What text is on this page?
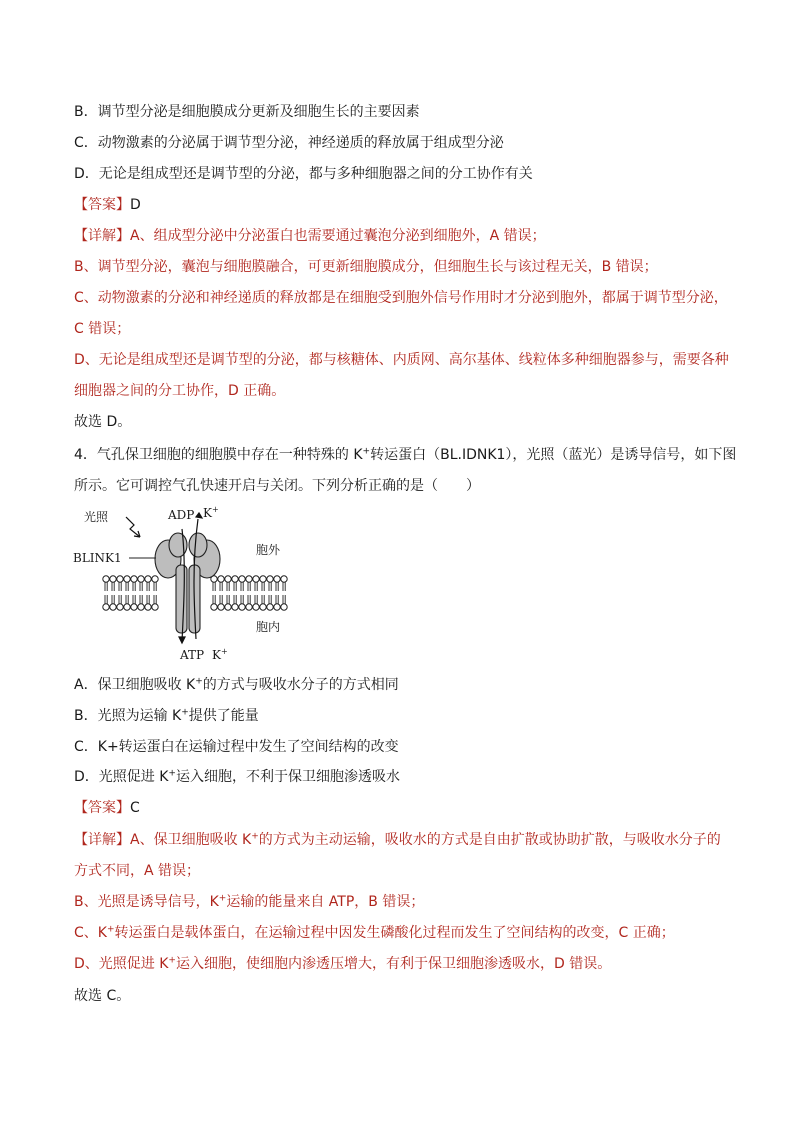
B．调节型分泌是细胞膜成分更新及细胞生长的主要因素
C．动物激素的分泌属于调节型分泌，神经递质的释放属于组成型分泌
D．无论是组成型还是调节型的分泌，都与多种细胞器之间的分工协作有关
【答案】D
【详解】A、组成型分泌中分泌蛋白也需要通过囊泡分泌到细胞外，A 错误；
B、调节型分泌，囊泡与细胞膜融合，可更新细胞膜成分，但细胞生长与该过程无关，B 错误；
C、动物激素的分泌和神经递质的释放都是在细胞受到胞外信号作用时才分泌到胞外，都属于调节型分泌，
C 错误；
D、无论是组成型还是调节型的分泌，都与核糖体、内质网、高尔基体、线粒体多种细胞器参与，需要各种
细胞器之间的分工协作，D 正确。
故选 D。
4．气孔保卫细胞的细胞膜中存在一种特殊的 K+转运蛋白（BL.IDNK1），光照（蓝光）是诱导信号，如下图
所示。它可调控气孔快速开启与关闭。下列分析正确的是（　　）
光照	ADP K+
BLINK1
胞外
胞内
ATP K+
A．保卫细胞吸收 K+的方式与吸收水分子的方式相同
B．光照为运输 K+提供了能量
C．K+转运蛋白在运输过程中发生了空间结构的改变
D．光照促进 K+运入细胞，不利于保卫细胞渗透吸水
【答案】C
【详解】A、保卫细胞吸收 K+的方式为主动运输，吸收水的方式是自由扩散或协助扩散，与吸收水分子的
方式不同，A 错误；
B、光照是诱导信号，K+运输的能量来自 ATP，B 错误；
C、K+转运蛋白是载体蛋白，在运输过程中因发生磷酸化过程而发生了空间结构的改变，C 正确；
D、光照促进 K+运入细胞，使细胞内渗透压增大，有利于保卫细胞渗透吸水，D 错误。
故选 C。
